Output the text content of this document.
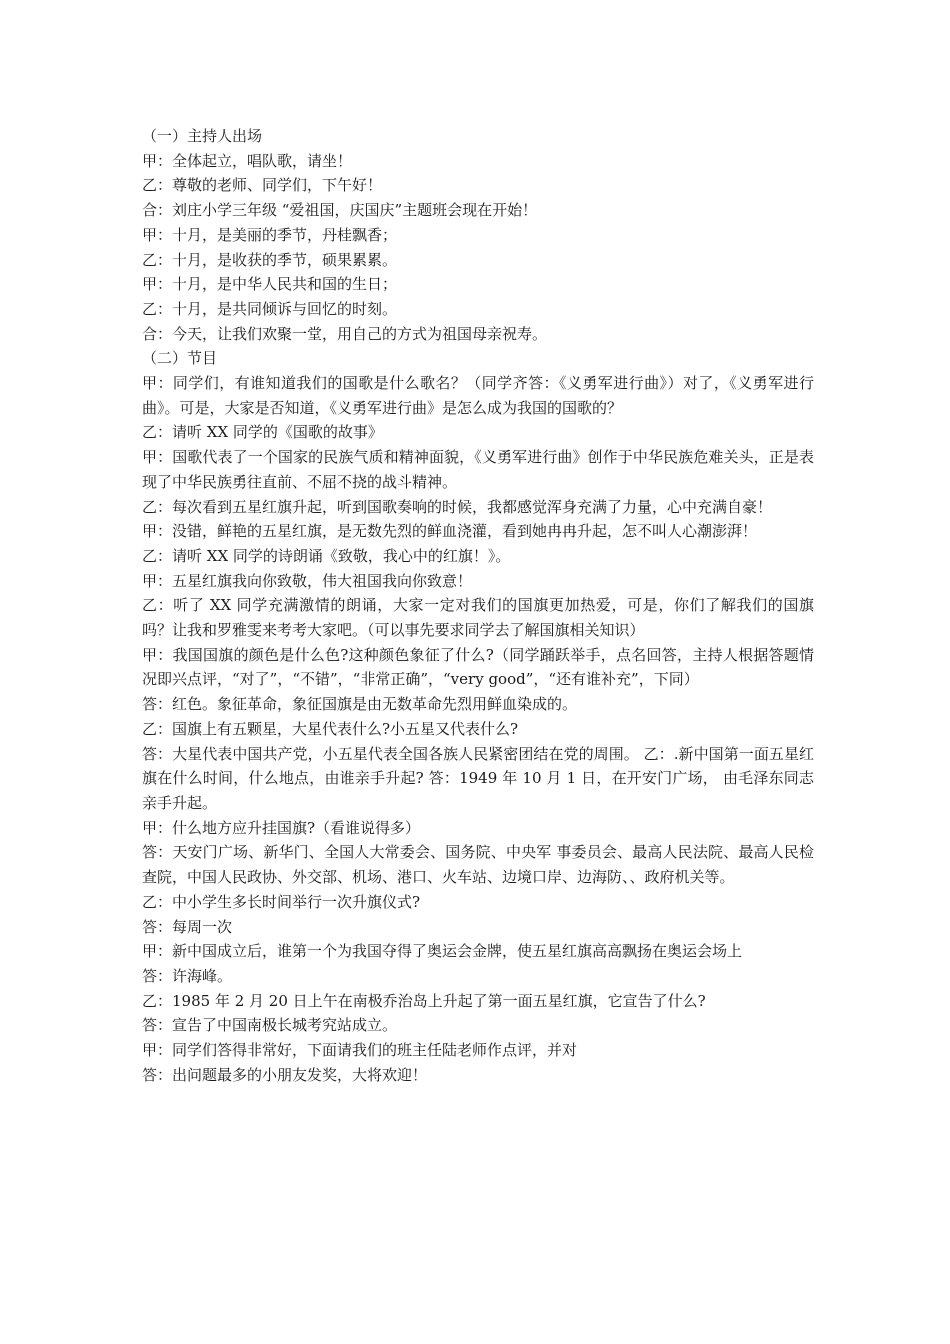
（一）主持人出场

甲：全体起立，唱队歌，请坐！

乙：尊敬的老师、同学们，下午好！

合：刘庄小学三年级 “爱祖国，庆国庆”主题班会现在开始！

甲：十月，是美丽的季节，丹桂飘香；

乙：十月，是收获的季节，硕果累累。

甲：十月，是中华人民共和国的生日；

乙：十月，是共同倾诉与回忆的时刻。

合：今天，让我们欢聚一堂，用自己的方式为祖国母亲祝寿。

（二）节目

甲：同学们，有谁知道我们的国歌是什么歌名？（同学齐答：《义勇军进行曲》）对了，《义勇军进行曲》。可是，大家是否知道，《义勇军进行曲》是怎么成为我国的国歌的？

乙：请听 XX 同学的《国歌的故事》

甲：国歌代表了一个国家的民族气质和精神面貌，《义勇军进行曲》创作于中华民族危难关头，正是表现了中华民族勇往直前、不屈不挠的战斗精神。

乙：每次看到五星红旗升起，听到国歌奏响的时候，我都感觉浑身充满了力量，心中充满自豪！

甲：没错，鲜艳的五星红旗，是无数先烈的鲜血浇灌，看到她冉冉升起，怎不叫人心潮澎湃！

乙：请听 XX 同学的诗朗诵《致敬，我心中的红旗！》。

甲：五星红旗我向你致敬，伟大祖国我向你致意！

乙：听了 XX 同学充满激情的朗诵，大家一定对我们的国旗更加热爱，可是，你们了解我们的国旗吗？让我和罗雅雯来考考大家吧。（可以事先要求同学去了解国旗相关知识）

甲：我国国旗的颜色是什么色?这种颜色象征了什么?（同学踊跃举手，点名回答，主持人根据答题情况即兴点评，“对了”，“不错”，“非常正确”，“very good”，“还有谁补充”，下同）

答：红色。象征革命，象征国旗是由无数革命先烈用鲜血染成的。

乙：国旗上有五颗星，大星代表什么?小五星又代表什么?

答：大星代表中国共产党，小五星代表全国各族人民紧密团结在党的周围。 乙：.新中国第一面五星红旗在什么时间，什么地点，由谁亲手升起? 答：1949 年 10 月 1 日，在开安门广场， 由毛泽东同志亲手升起。

甲：什么地方应升挂国旗?（看谁说得多）

答：天安门广场、新华门、全国人大常委会、国务院、中央军 事委员会、最高人民法院、最高人民检查院，中国人民政协、外交部、机场、港口、火车站、边境口岸、边海防、、政府机关等。

乙：中小学生多长时间举行一次升旗仪式?

答：每周一次

甲：新中国成立后，谁第一个为我国夺得了奥运会金牌，使五星红旗高高飘扬在奥运会场上

答：许海峰。

乙：1985 年 2 月 20 日上午在南极乔治岛上升起了第一面五星红旗，它宣告了什么?

答：宣告了中国南极长城考究站成立。

甲：同学们答得非常好，下面请我们的班主任陆老师作点评，并对

答：出问题最多的小朋友发奖，大将欢迎！
